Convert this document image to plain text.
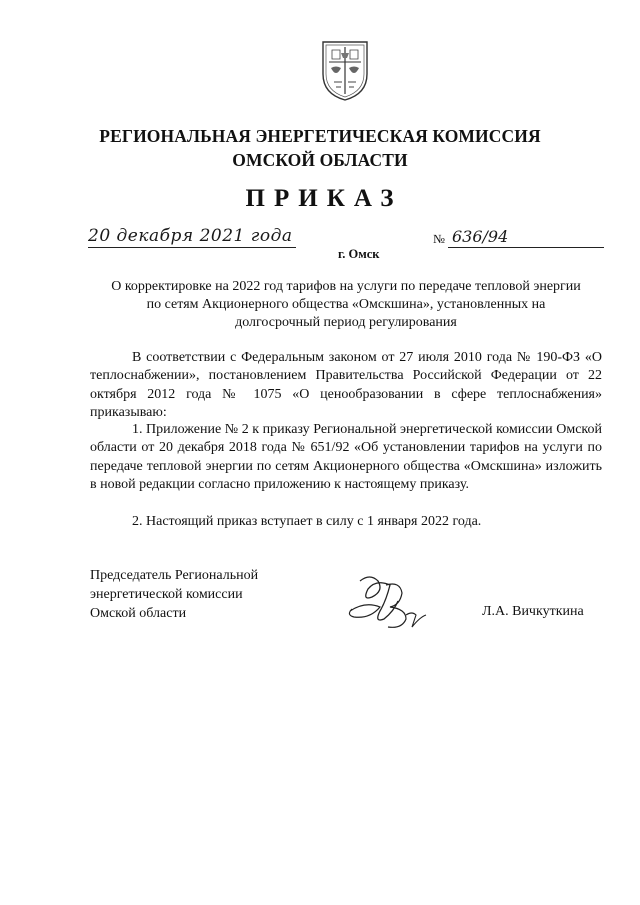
РЕГИОНАЛЬНАЯ ЭНЕРГЕТИЧЕСКАЯ КОМИССИЯ
ОМСКОЙ ОБЛАСТИ
ПРИКАЗ
20 декабря 2021 года
г. Омск
№ 636/94
О корректировке на 2022 год тарифов на услуги по передаче тепловой энергии
по сетям Акционерного общества «Омскшина», установленных на
долгосрочный период регулирования
В соответствии с Федеральным законом от 27 июля 2010 года № 190-ФЗ «О теплоснабжении», постановлением Правительства Российской Федерации от 22 октября 2012 года № 1075 «О ценообразовании в сфере теплоснабжения» приказываю:
1. Приложение № 2 к приказу Региональной энергетической комиссии Омской области от 20 декабря 2018 года № 651/92 «Об установлении тарифов на услуги по передаче тепловой энергии по сетям Акционерного общества «Омскшина» изложить в новой редакции согласно приложению к настоящему приказу.
2. Настоящий приказ вступает в силу с 1 января 2022 года.
Председатель Региональной
энергетической комиссии
Омской области	Л.А. Вичкуткина
